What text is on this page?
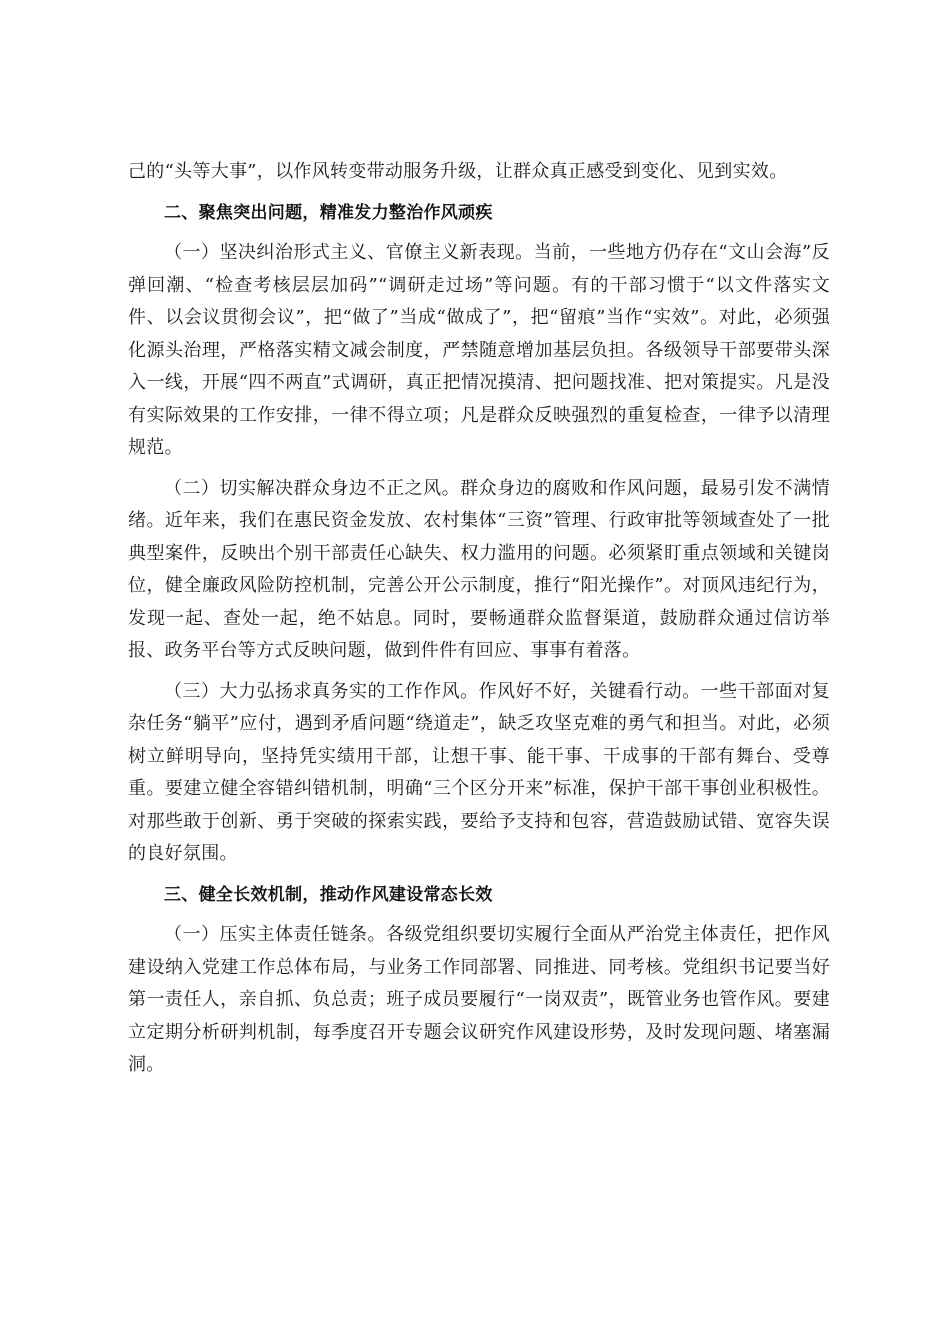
己的“头等大事”，以作风转变带动服务升级，让群众真正感受到变化、见到实效。

二、聚焦突出问题，精准发力整治作风顽疾

（一）坚决纠治形式主义、官僚主义新表现。当前，一些地方仍存在“文山会海”反弹回潮、“检查考核层层加码”“调研走过场”等问题。有的干部习惯于“以文件落实文件、以会议贯彻会议”，把“做了”当成“做成了”，把“留痕”当作“实效”。对此，必须强化源头治理，严格落实精文减会制度，严禁随意增加基层负担。各级领导干部要带头深入一线，开展“四不两直”式调研，真正把情况摸清、把问题找准、把对策提实。凡是没有实际效果的工作安排，一律不得立项；凡是群众反映强烈的重复检查，一律予以清理规范。

（二）切实解决群众身边不正之风。群众身边的腐败和作风问题，最易引发不满情绪。近年来，我们在惠民资金发放、农村集体“三资”管理、行政审批等领域查处了一批典型案件，反映出个别干部责任心缺失、权力滥用的问题。必须紧盯重点领域和关键岗位，健全廉政风险防控机制，完善公开公示制度，推行“阳光操作”。对顶风违纪行为，发现一起、查处一起，绝不姑息。同时，要畅通群众监督渠道，鼓励群众通过信访举报、政务平台等方式反映问题，做到件件有回应、事事有着落。

（三）大力弘扬求真务实的工作作风。作风好不好，关键看行动。一些干部面对复杂任务“躺平”应付，遇到矛盾问题“绕道走”，缺乏攻坚克难的勇气和担当。对此，必须树立鲜明导向，坚持凭实绩用干部，让想干事、能干事、干成事的干部有舞台、受尊重。要建立健全容错纠错机制，明确“三个区分开来”标准，保护干部干事创业积极性。对那些敢于创新、勇于突破的探索实践，要给予支持和包容，营造鼓励试错、宽容失误的良好氛围。

三、健全长效机制，推动作风建设常态长效

（一）压实主体责任链条。各级党组织要切实履行全面从严治党主体责任，把作风建设纳入党建工作总体布局，与业务工作同部署、同推进、同考核。党组织书记要当好第一责任人，亲自抓、负总责；班子成员要履行“一岗双责”，既管业务也管作风。要建立定期分析研判机制，每季度召开专题会议研究作风建设形势，及时发现问题、堵塞漏洞。
